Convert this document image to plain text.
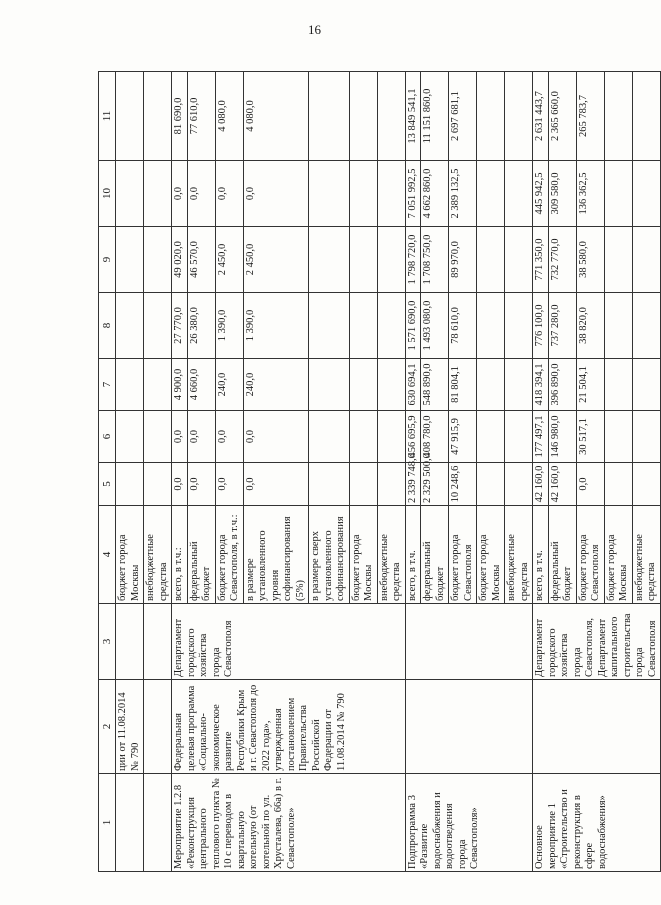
16
1	2	3	4	5	6	7	8	9	10	11
	ции от 11.08.2014 № 790		бюджет города Москвы							
			внебюджетные средства							
Мероприятие 1.2.8 «Реконструкция центрального теплового пункта № 10 с переводом в квартальную котельную (от котельной по ул. Хрусталева, 66а) в г. Севастополе»	Федеральная целевая программа «Социально-экономическое развитие Республики Крым и г. Севастополя до 2022 года», утвержденная постановлением Правительства Российской Федерации от 11.08.2014 № 790	Департамент городского хозяйства города Севастополя	всего, в т.ч.:	0,0	0,0	4 900,0	27 770,0	49 020,0	0,0	81 690,0
			федеральный бюджет	0,0	0,0	4 660,0	26 380,0	46 570,0	0,0	77 610,0
			бюджет города Севастополя, в т.ч.:	0,0	0,0	240,0	1 390,0	2 450,0	0,0	4 080,0
			в размере установленного уровня софинансирования (5%)	0,0	0,0	240,0	1 390,0	2 450,0	0,0	4 080,0
			в размере сверх установленного софинансирования							
			бюджет города Москвы							
			внебюджетные средства							
Подпрограмма 3 «Развитие водоснабжения и водоотведения города Севастополя»			всего, в т.ч.	2 339 748,6	456 695,9	630 694,1	1 571 690,0	1 798 720,0	7 051 992,5	13 849 541,1
			федеральный бюджет	2 329 500,0	408 780,0	548 890,0	1 493 080,0	1 708 750,0	4 662 860,0	11 151 860,0
			бюджет города Севастополя	10 248,6	47 915,9	81 804,1	78 610,0	89 970,0	2 389 132,5	2 697 681,1
			бюджет города Москвы							
			внебюджетные средства							
Основное мероприятие 1 «Строительство и реконструкция в сфере водоснабжения»		Департамент городского хозяйства города Севастополя, Департамент капитального строительства города Севастополя	всего, в т.ч.	42 160,0	177 497,1	418 394,1	776 100,0	771 350,0	445 942,5	2 631 443,7
			федеральный бюджет	42 160,0	146 980,0	396 890,0	737 280,0	732 770,0	309 580,0	2 365 660,0
			бюджет города Севастополя	0,0	30 517,1	21 504,1	38 820,0	38 580,0	136 362,5	265 783,7
			бюджет города Москвы							
			внебюджетные средства							
